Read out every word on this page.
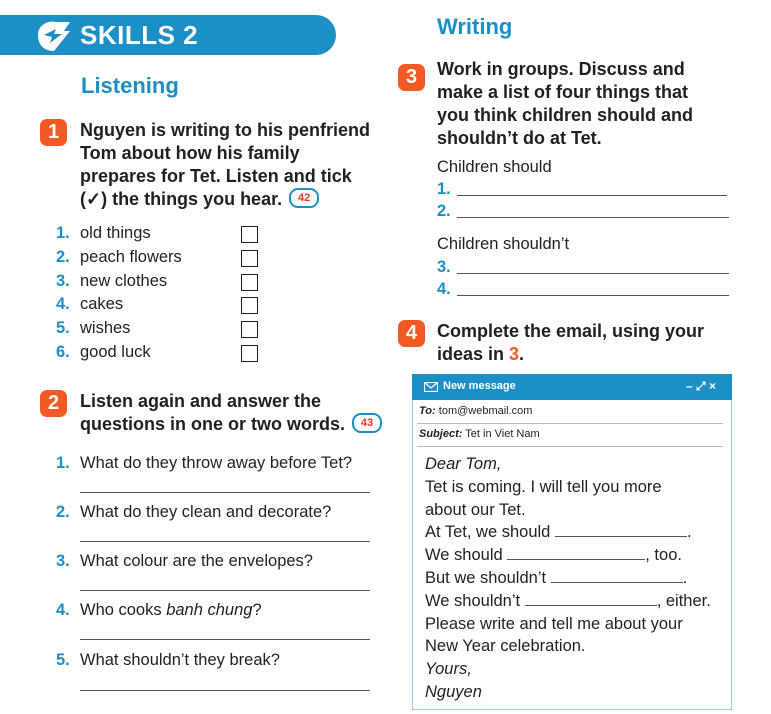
SKILLS 2
Listening
1	Nguyen is writing to his penfriend
Tom about how his family
prepares for Tet. Listen and tick
(✓) the things you hear. 42
1. old things
2. peach flowers
3. new clothes
4. cakes
5. wishes
6. good luck
2	Listen again and answer the
questions in one or two words. 43
1. What do they throw away before Tet?
2. What do they clean and decorate?
3. What colour are the envelopes?
4. Who cooks banh chung?
5. What shouldn’t they break?
Writing
3	Work in groups. Discuss and
make a list of four things that
you think children should and
shouldn’t do at Tet.
Children should
1.
2.
Children shouldn’t
3.
4.
4	Complete the email, using your
ideas in 3.
New message	– ⤢ ×
To: tom@webmail.com
Subject: Tet in Viet Nam
Dear Tom,
Tet is coming. I will tell you more
about our Tet.
At Tet, we should	.
We should	, too.
But we shouldn’t	.
We shouldn’t	, either.
Please write and tell me about your
New Year celebration.
Yours,
Nguyen
